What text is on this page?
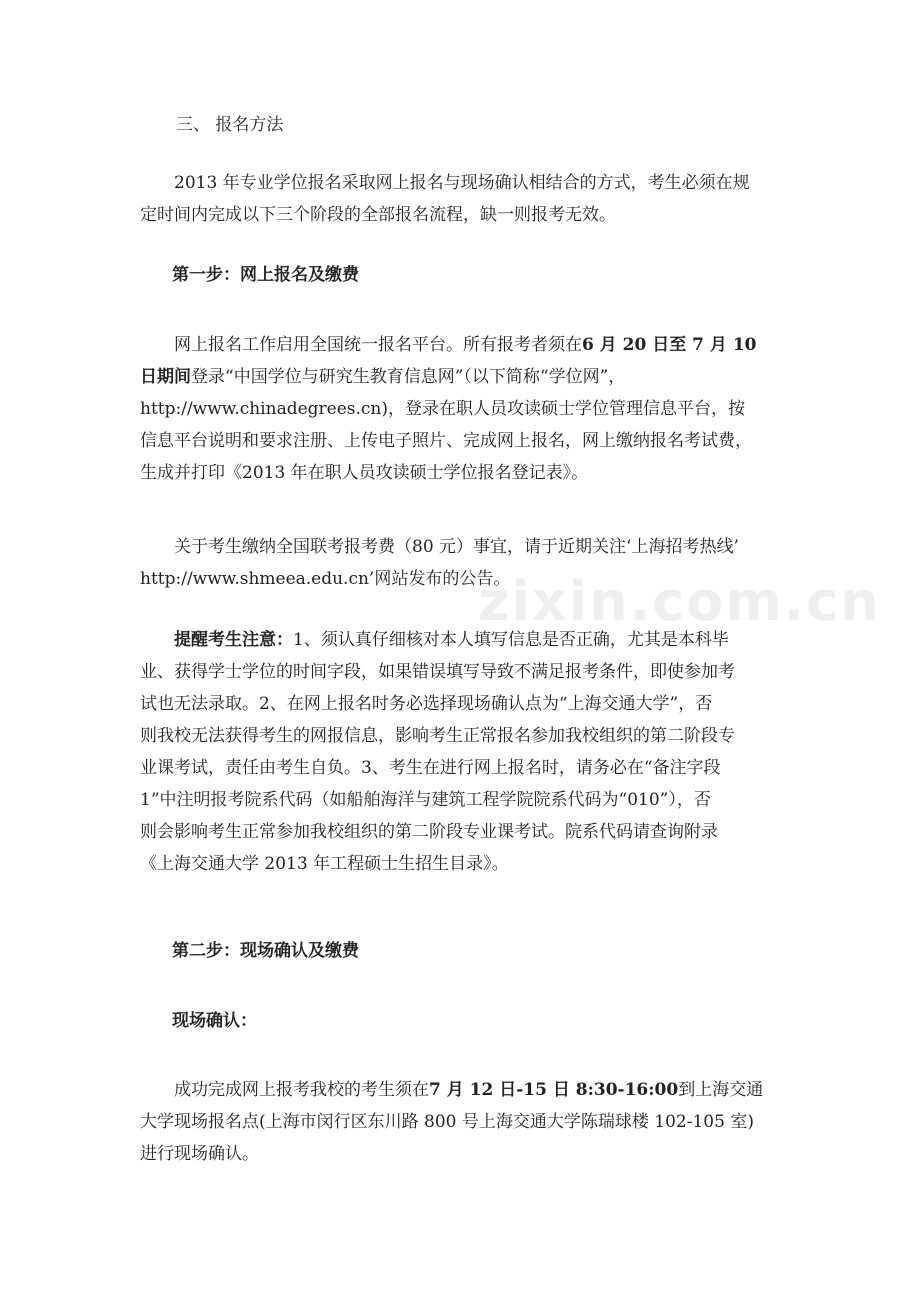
三、 报名方法

2013 年专业学位报名采取网上报名与现场确认相结合的方式，考生必须在规
定时间内完成以下三个阶段的全部报名流程，缺一则报考无效。

第一步：网上报名及缴费

网上报名工作启用全国统一报名平台。所有报考者须在6 月 20 日至 7 月 10
日期间登录“中国学位与研究生教育信息网”（以下简称“学位网”，
http://www.chinadegrees.cn)，登录在职人员攻读硕士学位管理信息平台，按
信息平台说明和要求注册、上传电子照片、完成网上报名，网上缴纳报名考试费，
生成并打印《2013 年在职人员攻读硕士学位报名登记表》。
关于考生缴纳全国联考报考费（80 元）事宜，请于近期关注‘上海招考热线’
http://www.shmeea.edu.cn’网站发布的公告。
提醒考生注意：1、须认真仔细核对本人填写信息是否正确，尤其是本科毕
业、获得学士学位的时间字段，如果错误填写导致不满足报考条件，即使参加考
试也无法录取。2、在网上报名时务必选择现场确认点为“上海交通大学”，否
则我校无法获得考生的网报信息，影响考生正常报名参加我校组织的第二阶段专
业课考试，责任由考生自负。3、考生在进行网上报名时，请务必在“备注字段
1”中注明报考院系代码（如船舶海洋与建筑工程学院院系代码为“010”），否
则会影响考生正常参加我校组织的第二阶段专业课考试。院系代码请查询附录
《上海交通大学 2013 年工程硕士生招生目录》。

第二步：现场确认及缴费

现场确认：

成功完成网上报考我校的考生须在7 月 12 日-15 日 8:30-16:00到上海交通
大学现场报名点(上海市闵行区东川路 800 号上海交通大学陈瑞球楼 102-105 室)
进行现场确认。
zixin.com.cn
